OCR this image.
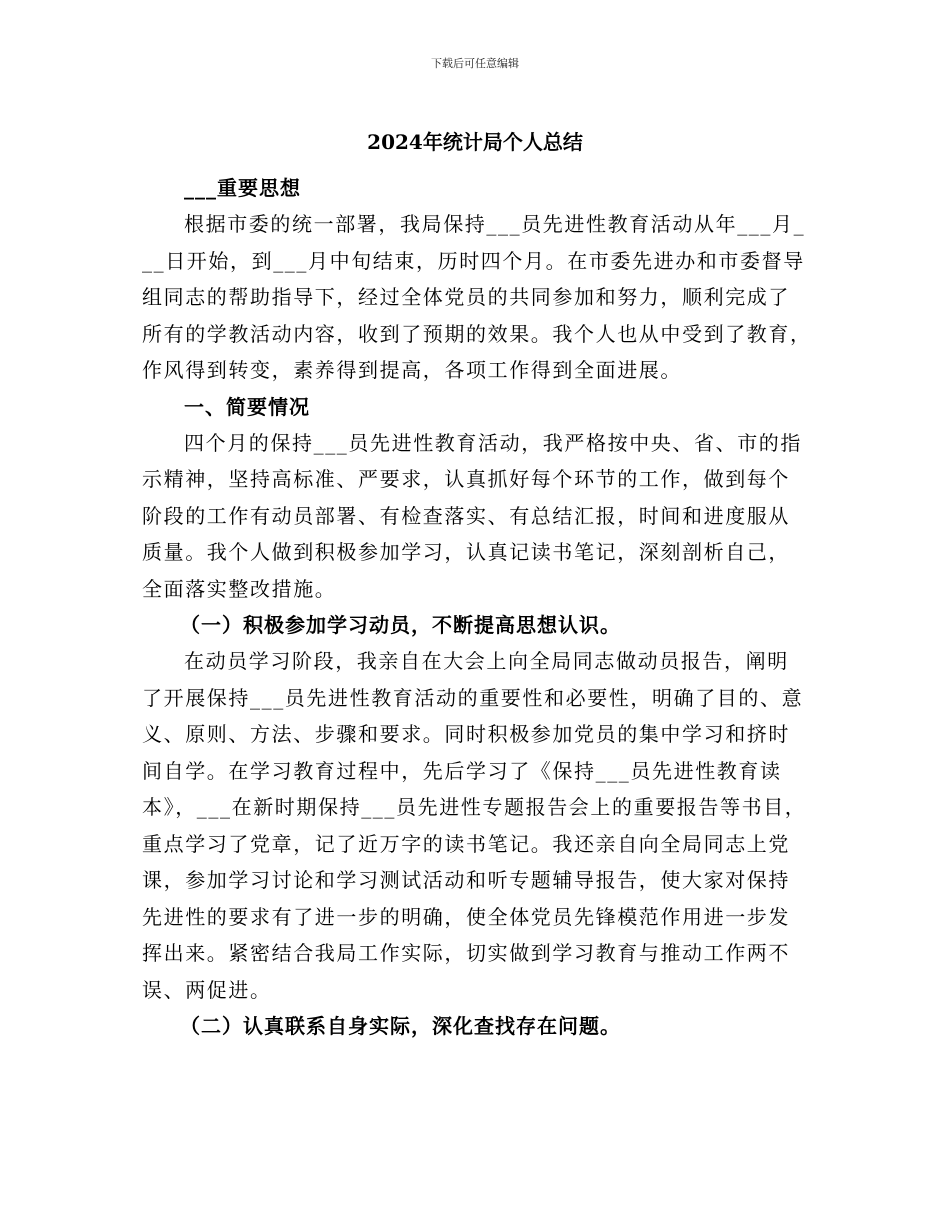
下载后可任意编辑
2024年统计局个人总结
___重要思想
根据市委的统一部署，我局保持___员先进性教育活动从年___月_
__日开始，到___月中旬结束，历时四个月。在市委先进办和市委督导
组同志的帮助指导下，经过全体党员的共同参加和努力，顺利完成了
所有的学教活动内容，收到了预期的效果。我个人也从中受到了教育，
作风得到转变，素养得到提高，各项工作得到全面进展。
一、简要情况
四个月的保持___员先进性教育活动，我严格按中央、省、市的指
示精神，坚持高标准、严要求，认真抓好每个环节的工作，做到每个
阶段的工作有动员部署、有检查落实、有总结汇报，时间和进度服从
质量。我个人做到积极参加学习，认真记读书笔记，深刻剖析自己，
全面落实整改措施。
（一）积极参加学习动员，不断提高思想认识。
在动员学习阶段，我亲自在大会上向全局同志做动员报告，阐明
了开展保持___员先进性教育活动的重要性和必要性，明确了目的、意
义、原则、方法、步骤和要求。同时积极参加党员的集中学习和挤时
间自学。在学习教育过程中，先后学习了《保持___员先进性教育读
本》，___在新时期保持___员先进性专题报告会上的重要报告等书目，
重点学习了党章，记了近万字的读书笔记。我还亲自向全局同志上党
课，参加学习讨论和学习测试活动和听专题辅导报告，使大家对保持
先进性的要求有了进一步的明确，使全体党员先锋模范作用进一步发
挥出来。紧密结合我局工作实际，切实做到学习教育与推动工作两不
误、两促进。
（二）认真联系自身实际，深化查找存在问题。
